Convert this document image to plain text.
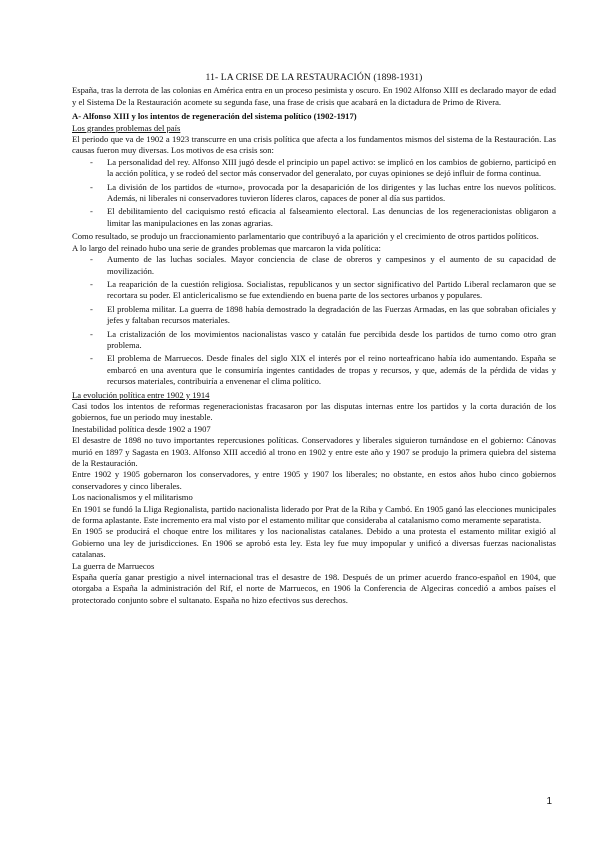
11- LA CRISE DE LA RESTAURACIÓN (1898-1931)

España, tras la derrota de las colonias en América entra en un proceso pesimista y oscuro. En 1902 Alfonso XIII es declarado mayor de edad y el Sistema De la Restauración acomete su segunda fase, una frase de crisis que acabará en la dictadura de Primo de Rivera.

A- Alfonso XIII y los intentos de regeneración del sistema político (1902-1917)

Los grandes problemas del país

El periodo que va de 1902 a 1923 transcurre en una crisis política que afecta a los fundamentos mismos del sistema de la Restauración. Las causas fueron muy diversas. Los motivos de esa crisis son:

- La personalidad del rey. Alfonso XIII jugó desde el principio un papel activo: se implicó en los cambios de gobierno, participó en la acción política, y se rodeó del sector más conservador del generalato, por cuyas opiniones se dejó influir de forma continua.
- La división de los partidos de «turno», provocada por la desaparición de los dirigentes y las luchas entre los nuevos políticos. Además, ni liberales ni conservadores tuvieron líderes claros, capaces de poner al día sus partidos.
- El debilitamiento del caciquismo restó eficacia al falseamiento electoral. Las denuncias de los regeneracionistas obligaron a limitar las manipulaciones en las zonas agrarias.

Como resultado, se produjo un fraccionamiento parlamentario que contribuyó a la aparición y el crecimiento de otros partidos políticos.

A lo largo del reinado hubo una serie de grandes problemas que marcaron la vida política:

- Aumento de las luchas sociales. Mayor conciencia de clase de obreros y campesinos y el aumento de su capacidad de movilización.
- La reaparición de la cuestión religiosa. Socialistas, republicanos y un sector significativo del Partido Liberal reclamaron que se recortara su poder. El anticlericalismo se fue extendiendo en buena parte de los sectores urbanos y populares.
- El problema militar. La guerra de 1898 había demostrado la degradación de las Fuerzas Armadas, en las que sobraban oficiales y jefes y faltaban recursos materiales.
- La cristalización de los movimientos nacionalistas vasco y catalán fue percibida desde los partidos de turno como otro gran problema.
- El problema de Marruecos. Desde finales del siglo XIX el interés por el reino norteafricano había ido aumentando. España se embarcó en una aventura que le consumiría ingentes cantidades de tropas y recursos, y que, además de la pérdida de vidas y recursos materiales, contribuiría a envenenar el clima político.

La evolución política entre 1902 y 1914

Casi todos los intentos de reformas regeneracionistas fracasaron por las disputas internas entre los partidos y la corta duración de los gobiernos, fue un periodo muy inestable.

Inestabilidad política desde 1902 a 1907

El desastre de 1898 no tuvo importantes repercusiones políticas. Conservadores y liberales siguieron turnándose en el gobierno: Cánovas murió en 1897 y Sagasta en 1903. Alfonso XIII accedió al trono en 1902 y entre este año y 1907 se produjo la primera quiebra del sistema de la Restauración.

Entre 1902 y 1905 gobernaron los conservadores, y entre 1905 y 1907 los liberales; no obstante, en estos años hubo cinco gobiernos conservadores y cinco liberales.

Los nacionalismos y el militarismo

En 1901 se fundó la Lliga Regionalista, partido nacionalista liderado por Prat de la Riba y Cambó. En 1905 ganó las elecciones municipales de forma aplastante. Este incremento era mal visto por el estamento militar que consideraba al catalanismo como meramente separatista.

En 1905 se producirá el choque entre los militares y los nacionalistas catalanes. Debido a una protesta el estamento militar exigió al Gobierno una ley de jurisdicciones. En 1906 se aprobó esta ley. Esta ley fue muy impopular y unificó a diversas fuerzas nacionalistas catalanas.

La guerra de Marruecos

España quería ganar prestigio a nivel internacional tras el desastre de 198. Después de un primer acuerdo franco-español en 1904, que otorgaba a España la administración del Rif, el norte de Marruecos, en 1906 la Conferencia de Algeciras concedió a ambos países el protectorado conjunto sobre el sultanato. España no hizo efectivos sus derechos.

1
